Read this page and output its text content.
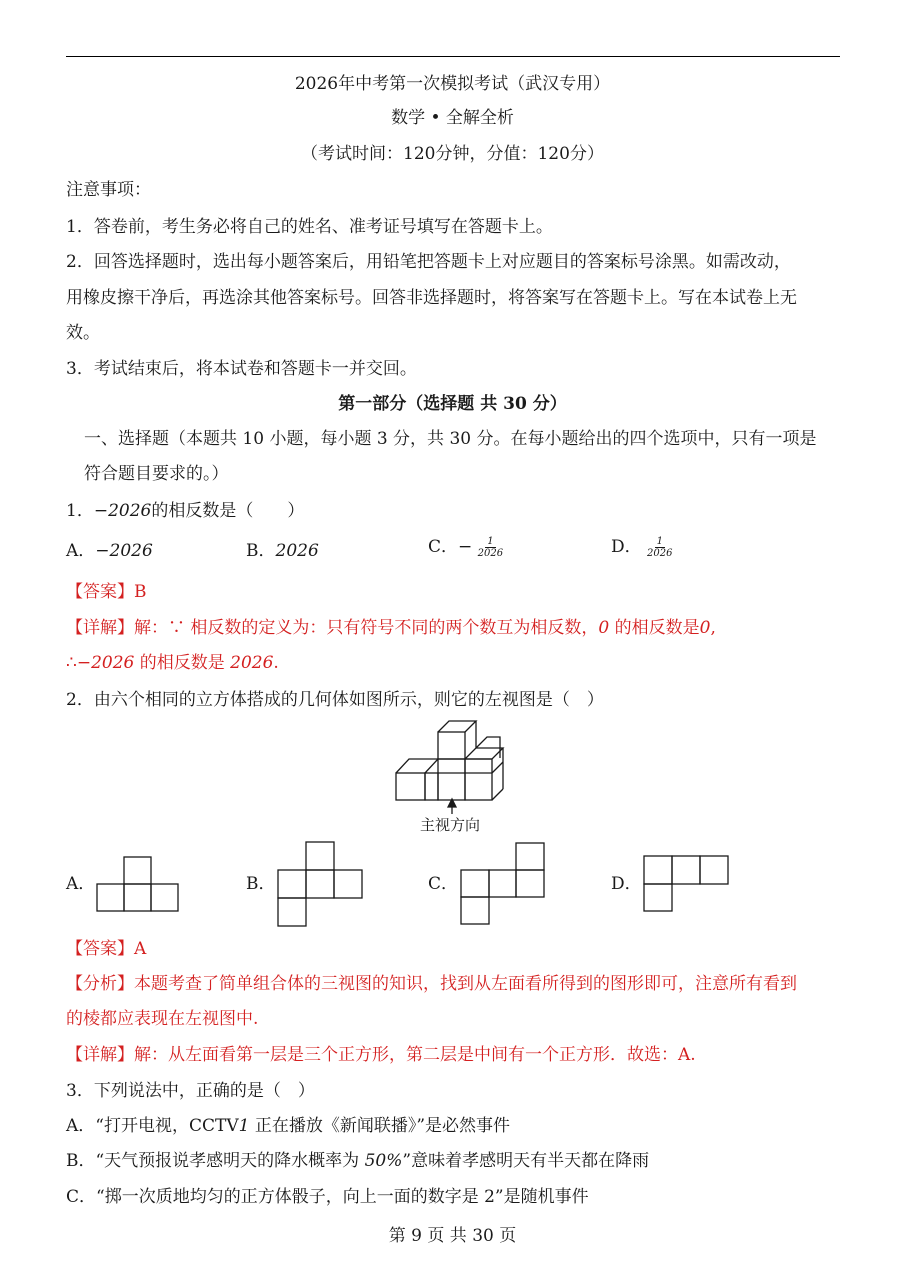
2026年中考第一次模拟考试（武汉专用）
数学 • 全解全析
（考试时间：120分钟，分值：120分）
注意事项：
1．答卷前，考生务必将自己的姓名、准考证号填写在答题卡上。
2．回答选择题时，选出每小题答案后，用铅笔把答题卡上对应题目的答案标号涂黑。如需改动，
用橡皮擦干净后，再选涂其他答案标号。回答非选择题时，将答案写在答题卡上。写在本试卷上无
效。
3．考试结束后，将本试卷和答题卡一并交回。
第一部分（选择题 共 30 分）
一、选择题（本题共 10 小题，每小题 3 分，共 30 分。在每小题给出的四个选项中，只有一项是
符合题目要求的。）
1．−2026的相反数是（　　）
A．−2026	B．2026	C．− $\frac{1}{2026}$	D． $\frac{1}{2026}$
【答案】B
【详解】解：∵ 相反数的定义为：只有符号不同的两个数互为相反数，0 的相反数是0,
∴−2026 的相反数是 2026.
2．由六个相同的立方体搭成的几何体如图所示，则它的左视图是（　）
主视方向
A．	B．	C．	D．
【答案】A
【分析】本题考查了简单组合体的三视图的知识，找到从左面看所得到的图形即可，注意所有看到
的棱都应表现在左视图中.
【详解】解：从左面看第一层是三个正方形，第二层是中间有一个正方形．故选：A.
3．下列说法中，正确的是（　）
A．“打开电视，CCTV1 正在播放《新闻联播》”是必然事件
B．“天气预报说孝感明天的降水概率为 50%”意味着孝感明天有半天都在降雨
C．“掷一次质地均匀的正方体骰子，向上一面的数字是 2”是随机事件
第 9 页 共 30 页
